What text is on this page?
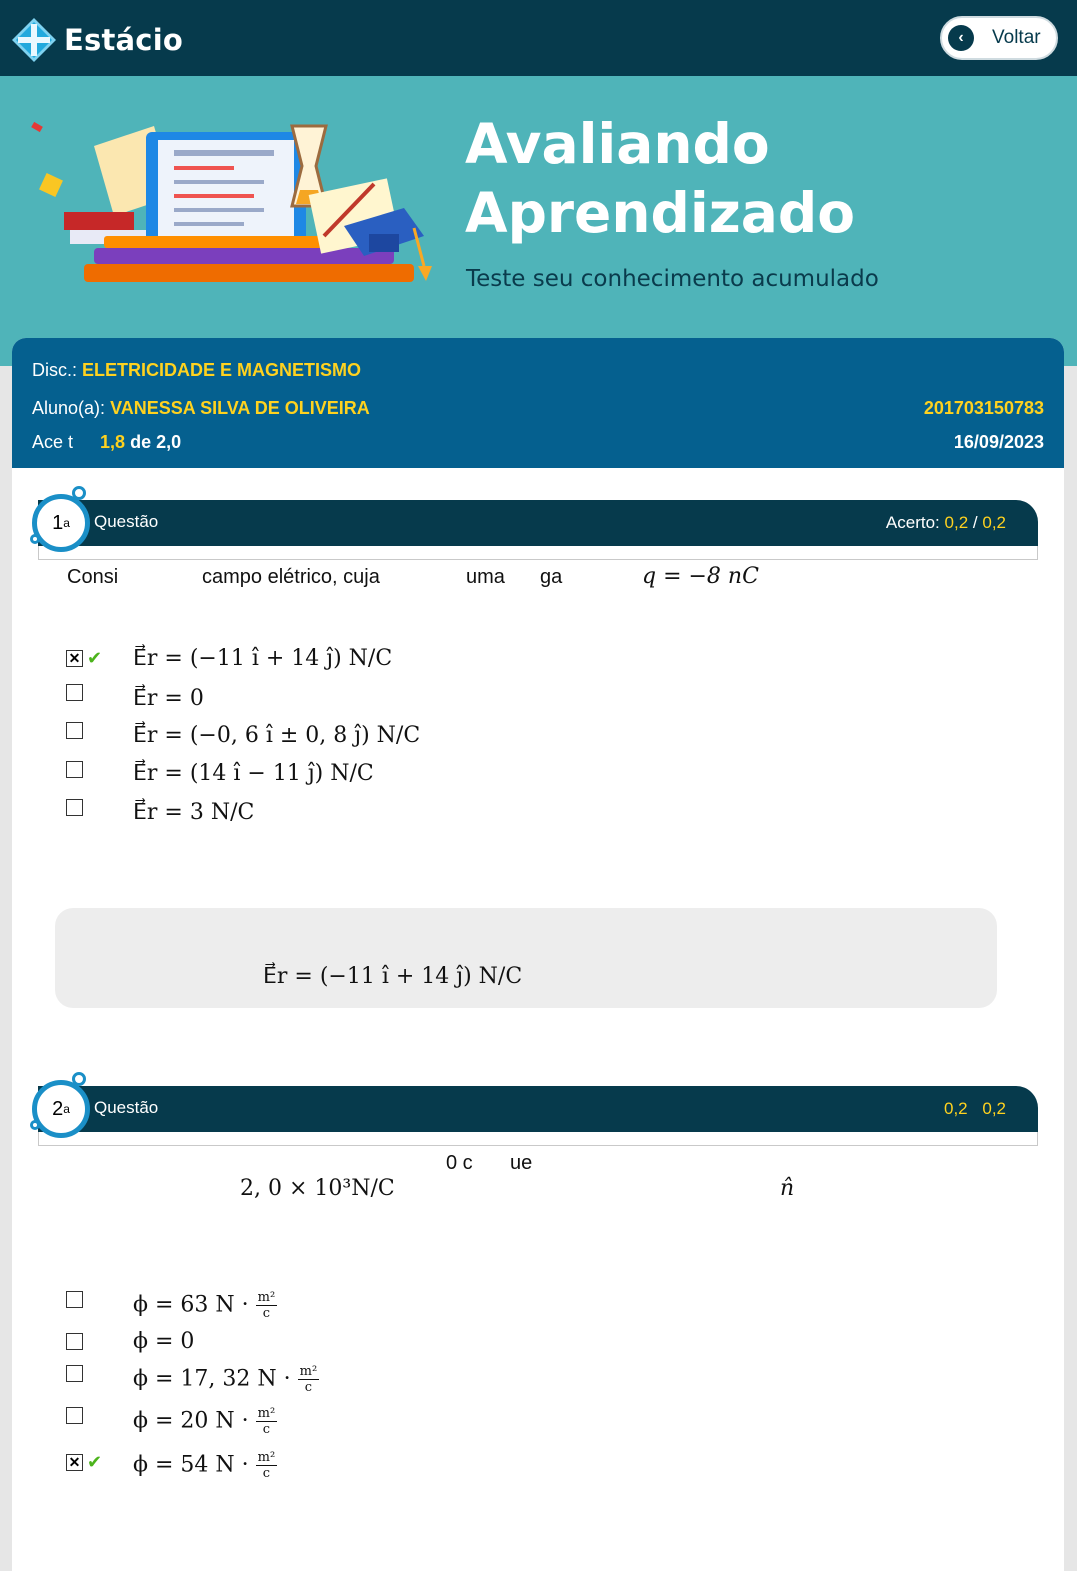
Estácio	‹	Voltar
Avaliando
Aprendizado
Teste seu conhecimento acumulado
Disc.: ELETRICIDADE E MAGNETISMO
Aluno(a): VANESSA SILVA DE OLIVEIRA	201703150783
Ace t 1,8 de 2,0	16/09/2023
Questão	Acerto: 0,2 / 0,2
1 a
Consi	campo elétrico, cuja	uma ga	q = −8 nC
✕ ✔ E⃗r = (−11 ı̂ + 14 ȷ̂) N/C
E⃗r = 0
E⃗r = (−0, 6 ı̂ ± 0, 8 ȷ̂) N/C
E⃗r = (14 ı̂ − 11 ȷ̂) N/C
E⃗r = 3 N/C
E⃗r = (−11 ı̂ + 14 ȷ̂) N/C
Questão	0,2 0,2
2 a
0 c ue
2, 0 × 10³N/C	n̂
ϕ = 63 $N \cdot \frac{\text{m²}}{c}$
ϕ = 0
ϕ = 17, 32 $N \cdot \frac{\text{m²}}{c}$
ϕ = 20 $N \cdot \frac{\text{m²}}{c}$
✕ ✔ ϕ = 54 $N \cdot \frac{\text{m²}}{c}$
